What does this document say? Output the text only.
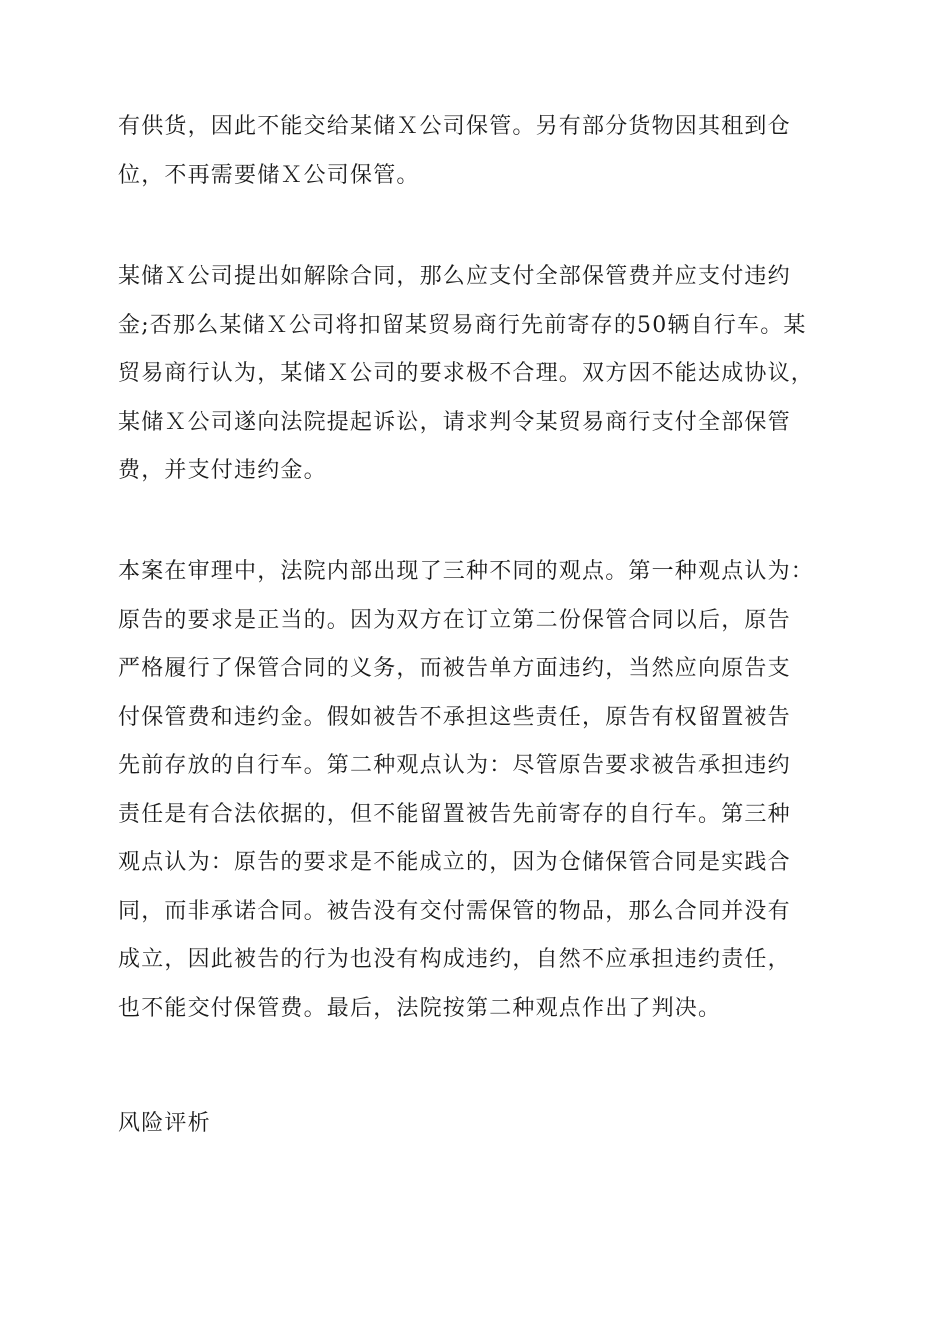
有供货，因此不能交给某储Ｘ公司保管。另有部分货物因其租到仓
位，不再需要储Ｘ公司保管。

某储Ｘ公司提出如解除合同，那么应支付全部保管费并应支付违约
金;否那么某储Ｘ公司将扣留某贸易商行先前寄存的50辆自行车。某
贸易商行认为，某储Ｘ公司的要求极不合理。双方因不能达成协议，
某储Ｘ公司遂向法院提起诉讼，请求判令某贸易商行支付全部保管
费，并支付违约金。

本案在审理中，法院内部出现了三种不同的观点。第一种观点认为：
原告的要求是正当的。因为双方在订立第二份保管合同以后，原告
严格履行了保管合同的义务，而被告单方面违约，当然应向原告支
付保管费和违约金。假如被告不承担这些责任，原告有权留置被告
先前存放的自行车。第二种观点认为：尽管原告要求被告承担违约
责任是有合法依据的，但不能留置被告先前寄存的自行车。第三种
观点认为：原告的要求是不能成立的，因为仓储保管合同是实践合
同，而非承诺合同。被告没有交付需保管的物品，那么合同并没有
成立，因此被告的行为也没有构成违约，自然不应承担违约责任，
也不能交付保管费。最后，法院按第二种观点作出了判决。

风险评析
